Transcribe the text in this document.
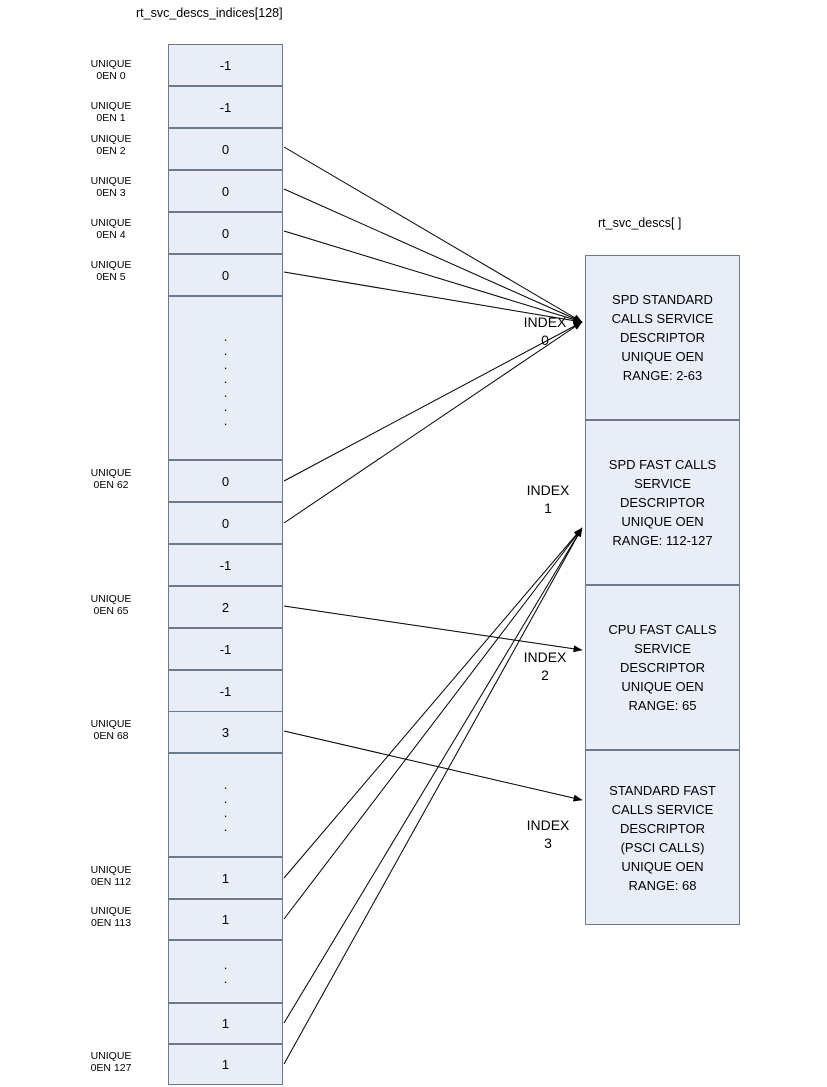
rt_svc_descs_indices[128]
rt_svc_descs[ ]
-1
-1
0
0
0
0
.
.
.
.
.
.
.
0
0
-1
2
-1
-1
3
.
.
.
.
1
1
.
.
1
1
UNIQUE
0EN 0
UNIQUE
0EN 1
UNIQUE
0EN 2
UNIQUE
0EN 3
UNIQUE
0EN 4
UNIQUE
0EN 5
UNIQUE
0EN 62
UNIQUE
0EN 65
UNIQUE
0EN 68
UNIQUE
0EN 112
UNIQUE
0EN 113
UNIQUE
0EN 127
SPD STANDARD
CALLS SERVICE
DESCRIPTOR
UNIQUE OEN
RANGE: 2-63
SPD FAST CALLS
SERVICE
DESCRIPTOR
UNIQUE OEN
RANGE: 112-127
CPU FAST CALLS
SERVICE
DESCRIPTOR
UNIQUE OEN
RANGE: 65
STANDARD FAST
CALLS SERVICE
DESCRIPTOR
(PSCI CALLS)
UNIQUE OEN
RANGE: 68
INDEX
0
INDEX
1
INDEX
2
INDEX
3
